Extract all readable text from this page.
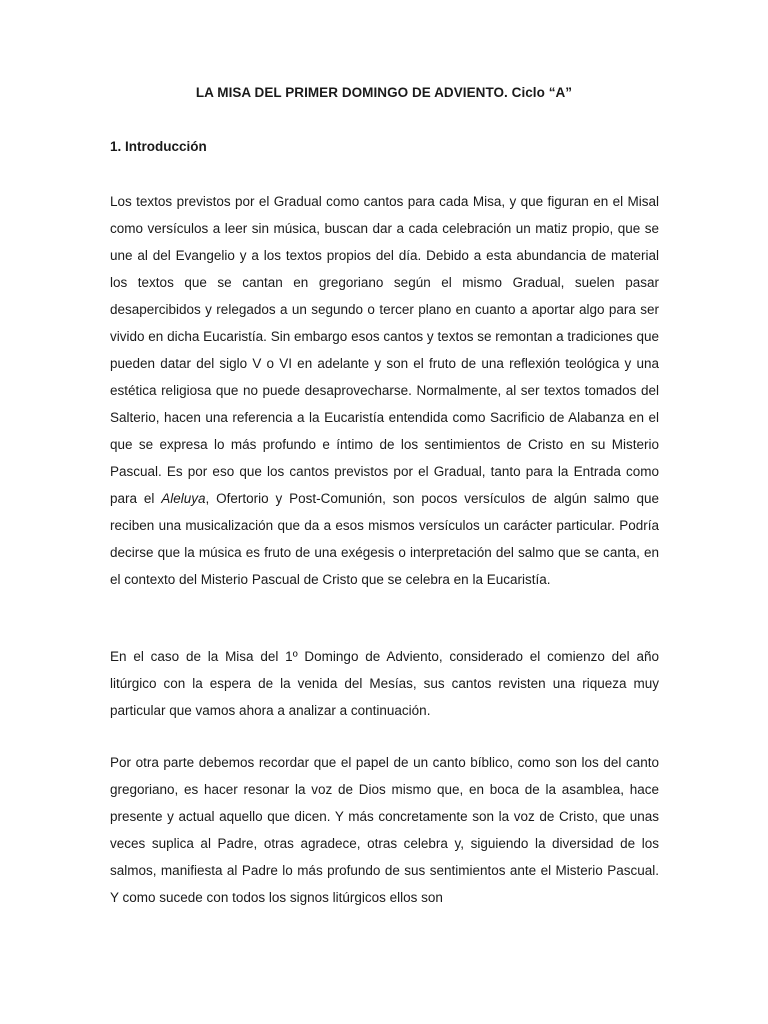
LA MISA DEL PRIMER DOMINGO DE ADVIENTO. Ciclo “A”
1. Introducción

Los textos previstos por el Gradual como cantos para cada Misa, y que figuran en el Misal como versículos a leer sin música, buscan dar a cada celebración un matiz propio, que se une al del Evangelio y a los textos propios del día. Debido a esta abundancia de material los textos que se cantan en gregoriano según el mismo Gradual, suelen pasar desapercibidos y relegados a un segundo o tercer plano en cuanto a aportar algo para ser vivido en dicha Eucaristía. Sin embargo esos cantos y textos se remontan a tradiciones que pueden datar del siglo V o VI en adelante y son el fruto de una reflexión teológica y una estética religiosa que no puede desaprovecharse. Normalmente, al ser textos tomados del Salterio, hacen una referencia a la Eucaristía entendida como Sacrificio de Alabanza en el que se expresa lo más profundo e íntimo de los sentimientos de Cristo en su Misterio Pascual. Es por eso que los cantos previstos por el Gradual, tanto para la Entrada como para el Aleluya, Ofertorio y Post-Comunión, son pocos versículos de algún salmo que reciben una musicalización que da a esos mismos versículos un carácter particular. Podría decirse que la música es fruto de una exégesis o interpretación del salmo que se canta, en el contexto del Misterio Pascual de Cristo que se celebra en la Eucaristía.

En el caso de la Misa del 1º Domingo de Adviento, considerado el comienzo del año litúrgico con la espera de la venida del Mesías, sus cantos revisten una riqueza muy particular que vamos ahora a analizar a continuación.

Por otra parte debemos recordar que el papel de un canto bíblico, como son los del canto gregoriano, es hacer resonar la voz de Dios mismo que, en boca de la asamblea, hace presente y actual aquello que dicen. Y más concretamente son la voz de Cristo, que unas veces suplica al Padre, otras agradece, otras celebra y, siguiendo la diversidad de los salmos, manifiesta al Padre lo más profundo de sus sentimientos ante el Misterio Pascual. Y como sucede con todos los signos litúrgicos ellos son
